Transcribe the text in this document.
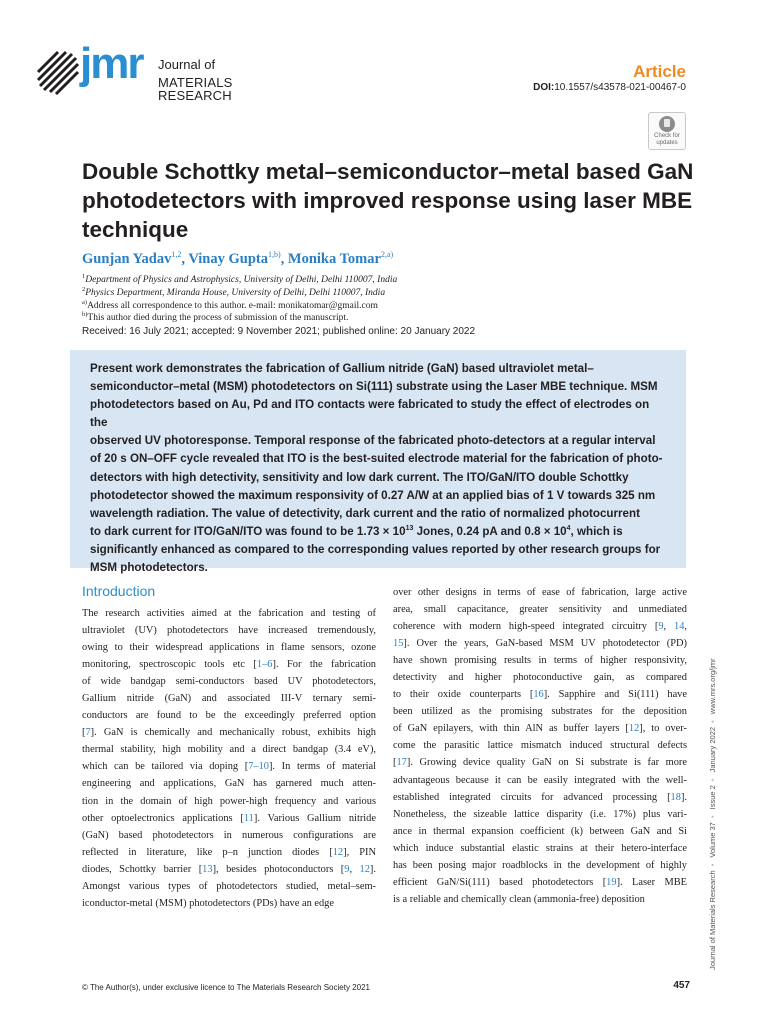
jmr Journal of
MATERIALS RESEARCH
Article
DOI:10.1557/s43578-021-00467-0
Check for
updates
Double Schottky metal–semiconductor–metal based GaN photodetectors with improved response using laser MBE technique
Gunjan Yadav$^{1,2}$, Vinay Gupta$^{1,b)}$, Monika Tomar$^{2,a)}$
$^1$Department of Physics and Astrophysics, University of Delhi, Delhi 110007, India
$^2$Physics Department, Miranda House, University of Delhi, Delhi 110007, India
$^{a)}$Address all correspondence to this author. e-mail: monikatomar@gmail.com
$^{b)}$This author died during the process of submission of the manuscript.
Received: 16 July 2021; accepted: 9 November 2021; published online: 20 January 2022

Present work demonstrates the fabrication of Gallium nitride (GaN) based ultraviolet metal–
semiconductor–metal (MSM) photodetectors on Si(111) substrate using the Laser MBE technique. MSM
photodetectors based on Au, Pd and ITO contacts were fabricated to study the effect of electrodes on the
observed UV photoresponse. Temporal response of the fabricated photo-detectors at a regular interval
of 20 s ON–OFF cycle revealed that ITO is the best-suited electrode material for the fabrication of photo-
detectors with high detectivity, sensitivity and low dark current. The ITO/GaN/ITO double Schottky
photodetector showed the maximum responsivity of 0.27 A/W at an applied bias of 1 V towards 325 nm
wavelength radiation. The value of detectivity, dark current and the ratio of normalized photocurrent
to dark current for ITO/GaN/ITO was found to be $1.73 \times 10^{13}$ Jones, 0.24 pA and $0.8 \times 10^4$, which is
significantly enhanced as compared to the corresponding values reported by other research groups for
MSM photodetectors.

Introduction
The research activities aimed at the fabrication and testing of
ultraviolet (UV) photodetectors have increased tremendously,
owing to their widespread applications in flame sensors, ozone
monitoring, spectroscopic tools etc [1–6]. For the fabrication
of wide bandgap semi-conductors based UV photodetectors,
Gallium nitride (GaN) and associated III-V ternary semi-
conductors are found to be the exceedingly preferred option
[7]. GaN is chemically and mechanically robust, exhibits high
thermal stability, high mobility and a direct bandgap (3.4 eV),
which can be tailored via doping [7–10]. In terms of material
engineering and applications, GaN has garnered much atten-
tion in the domain of high power-high frequency and various
other optoelectronics applications [11]. Various Gallium nitride
(GaN) based photodetectors in numerous configurations are
reflected in literature, like p–n junction diodes [12], PIN
diodes, Schottky barrier [13], besides photoconductors [9, 12].
Amongst various types of photodetectors studied, metal–sem-
iconductor-metal (MSM) photodetectors (PDs) have an edge
over other designs in terms of ease of fabrication, large active
area, small capacitance, greater sensitivity and unmediated
coherence with modern high-speed integrated circuitry [9, 14,
15]. Over the years, GaN-based MSM UV photodetector (PD)
have shown promising results in terms of higher responsivity,
detectivity and higher photoconductive gain, as compared
to their oxide counterparts [16]. Sapphire and Si(111) have
been utilized as the promising substrates for the deposition
of GaN epilayers, with thin AlN as buffer layers [12], to over-
come the parasitic lattice mismatch induced structural defects
[17]. Growing device quality GaN on Si substrate is far more
advantageous because it can be easily integrated with the well-
established integrated circuits for advanced processing [18].
Nonetheless, the sizeable lattice disparity (i.e. 17%) plus vari-
ance in thermal expansion coefficient (k) between GaN and Si
which induce substantial elastic strains at their hetero-interface
has been posing major roadblocks in the development of highly
efficient GaN/Si(111) based photodetectors [19]. Laser MBE
is a reliable and chemically clean (ammonia-free) deposition	Journal of Materials Research▪ Volume 37▪ Issue 2▪ January 2022▪ www.mrs.org/jmr
© The Author(s), under exclusive licence to The Materials Research Society 2021	457
